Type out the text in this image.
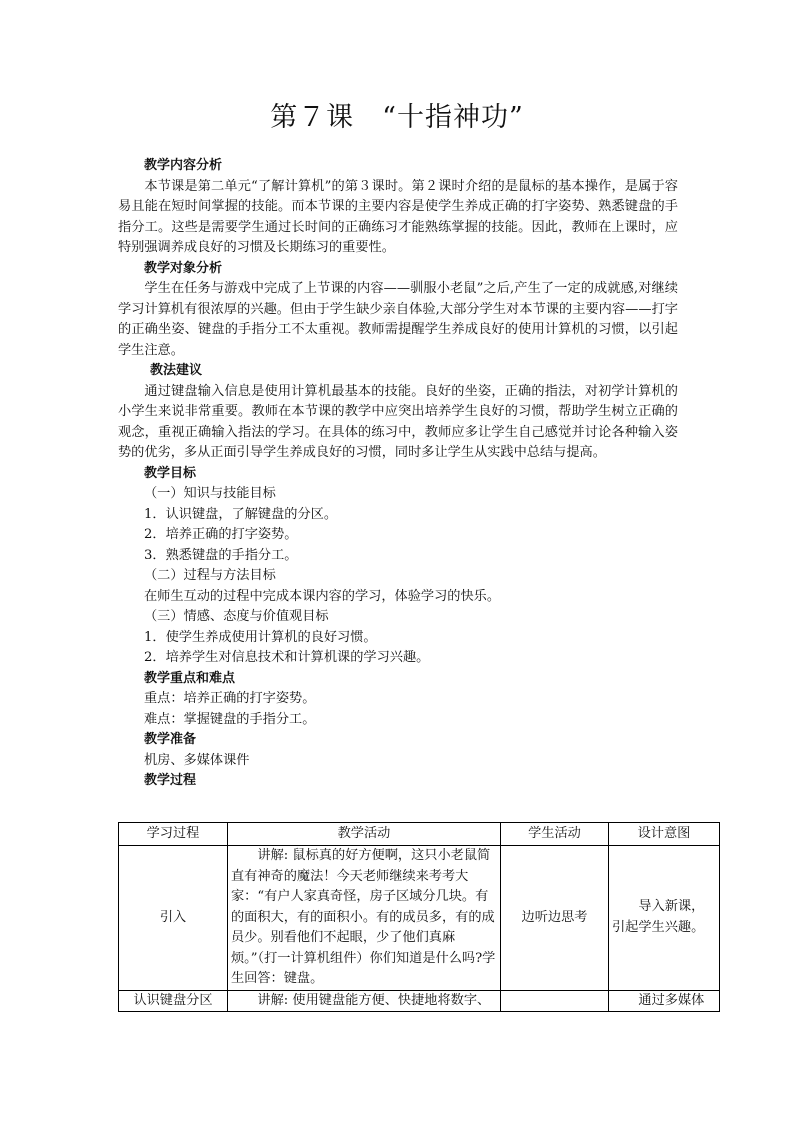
第７课　“十指神功”
教学内容分析
本节课是第二单元“了解计算机”的第３课时。第２课时介绍的是鼠标的基本操作，是属于容易且能在短时间掌握的技能。而本节课的主要内容是使学生养成正确的打字姿势、熟悉键盘的手指分工。这些是需要学生通过长时间的正确练习才能熟练掌握的技能。因此，教师在上课时，应特别强调养成良好的习惯及长期练习的重要性。
教学对象分析
学生在任务与游戏中完成了上节课的内容——驯服小老鼠”之后,产生了一定的成就感,对继续学习计算机有很浓厚的兴趣。但由于学生缺少亲自体验,大部分学生对本节课的主要内容——打字的正确坐姿、键盘的手指分工不太重视。教师需提醒学生养成良好的使用计算机的习惯，以引起学生注意。
教法建议
通过键盘输入信息是使用计算机最基本的技能。良好的坐姿，正确的指法，对初学计算机的小学生来说非常重要。教师在本节课的教学中应突出培养学生良好的习惯，帮助学生树立正确的观念，重视正确输入指法的学习。在具体的练习中，教师应多让学生自己感觉并讨论各种输入姿势的优劣，多从正面引导学生养成良好的习惯，同时多让学生从实践中总结与提高。
教学目标
（一）知识与技能目标
1．认识键盘，了解键盘的分区。
2．培养正确的打字姿势。
3．熟悉键盘的手指分工。
（二）过程与方法目标
在师生互动的过程中完成本课内容的学习，体验学习的快乐。
（三）情感、态度与价值观目标
1．使学生养成使用计算机的良好习惯。
2．培养学生对信息技术和计算机课的学习兴趣。
教学重点和难点
重点：培养正确的打字姿势。
难点：掌握键盘的手指分工。
教学准备
机房、多媒体课件
教学过程
学习过程	教学活动	学生活动	设计意图
引入	讲解: 鼠标真的好方便啊，这只小老鼠简直有神奇的魔法！今天老师继续来考考大家：“有户人家真奇怪，房子区域分几块。有的面积大，有的面积小。有的成员多，有的成员少。别看他们不起眼，少了他们真麻烦。”（打一计算机组件）你们知道是什么吗?学生回答：键盘。	边听边思考	导入新课，引起学生兴趣。
认识键盘分区	讲解: 使用键盘能方便、快捷地将数字、		通过多媒体
